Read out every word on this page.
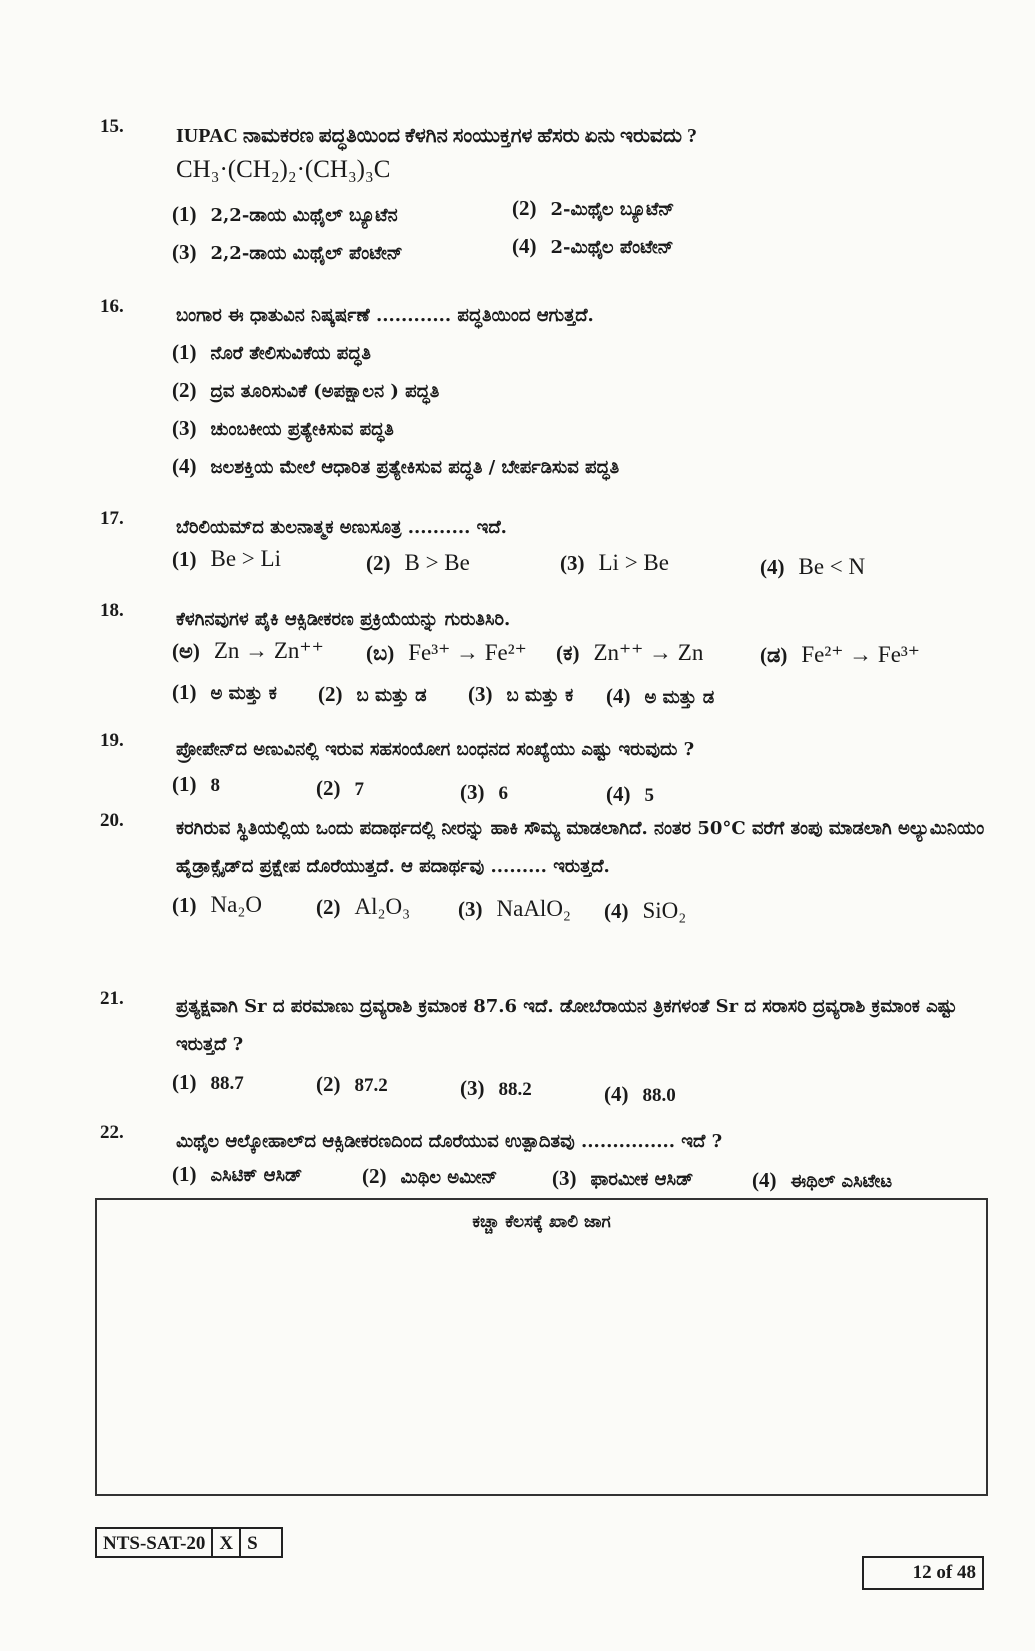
15.	IUPAC ನಾಮಕರಣ ಪದ್ಧತಿಯಿಂದ ಕೆಳಗಿನ ಸಂಯುಕ್ತಗಳ ಹೆಸರು ಏನು ಇರುವದು ?
CH₃·(CH₂)₂·(CH₃)₃C
(1) 2,2-ಡಾಯ ಮಿಥೈಲ್ ಬ್ಯೂಟೆನ	(2) 2-ಮಿಥೈಲ ಬ್ಯೂಟೆನ್
(3) 2,2-ಡಾಯ ಮಿಥೈಲ್ ಪೆಂಟೇನ್	(4) 2-ಮಿಥೈಲ ಪೆಂಟೇನ್
16.	ಬಂಗಾರ ಈ ಧಾತುವಿನ ನಿಷ್ಕರ್ಷಣೆ ............ ಪದ್ಧತಿಯಿಂದ ಆಗುತ್ತದೆ.
(1) ನೊರೆ ತೇಲಿಸುವಿಕೆಯ ಪದ್ಧತಿ
(2) ದ್ರವ ತೂರಿಸುವಿಕೆ (ಅಪಕ್ಷಾಲನ ) ಪದ್ಧತಿ
(3) ಚುಂಬಕೀಯ ಪ್ರತ್ಯೇಕಿಸುವ ಪದ್ಧತಿ
(4) ಜಲಶಕ್ತಿಯ ಮೇಲೆ ಆಧಾರಿತ ಪ್ರತ್ಯೇಕಿಸುವ ಪದ್ಧತಿ / ಬೇರ್ಪಡಿಸುವ ಪದ್ಧತಿ
17.	ಬೆರಿಲಿಯಮ್‌ದ ತುಲನಾತ್ಮಕ ಅಣುಸೂತ್ರ .......... ಇದೆ.
(1) Be > Li	(2) B > Be	(3) Li > Be	(4) Be < N
18.	ಕೆಳಗಿನವುಗಳ ಪೈಕಿ ಆಕ್ಸಿಡೀಕರಣ ಪ್ರಕ್ರಿಯೆಯನ್ನು ಗುರುತಿಸಿರಿ.
(ಅ) Zn → Zn⁺⁺ (ಬ) Fe³⁺ → Fe²⁺ (ಕ) Zn⁺⁺ → Zn	(ಡ) Fe²⁺ → Fe³⁺
(1) ಅ ಮತ್ತು ಕ (2) ಬ ಮತ್ತು ಡ (3) ಬ ಮತ್ತು ಕ (4) ಅ ಮತ್ತು ಡ
19.	ಪ್ರೋಪೇನ್‌ದ ಅಣುವಿನಲ್ಲಿ ಇರುವ ಸಹಸಂಯೋಗ ಬಂಧನದ ಸಂಖ್ಯೆಯು ಎಷ್ಟು ಇರುವುದು ?
(1) 8	(2) 7	(3) 6	(4) 5
20.	ಕರಗಿರುವ ಸ್ಥಿತಿಯಲ್ಲಿಯ ಒಂದು ಪದಾರ್ಥದಲ್ಲಿ ನೀರನ್ನು ಹಾಕಿ ಸೌಮ್ಯ ಮಾಡಲಾಗಿದೆ. ನಂತರ 50°C ವರೆಗೆ ತಂಪು ಮಾಡಲಾಗಿ ಅಲ್ಯುಮಿನಿಯಂ ಹೈಡ್ರಾಕ್ಸೈಡ್‌ದ ಪ್ರಕ್ಷೇಪ ದೊರೆಯುತ್ತದೆ. ಆ ಪದಾರ್ಥವು ......... ಇರುತ್ತದೆ.
(1) Na₂O	(2) Al₂O₃ (3) NaAlO₂ (4) SiO₂
21.	ಪ್ರತ್ಯಕ್ಷವಾಗಿ Sr ದ ಪರಮಾಣು ದ್ರವ್ಯರಾಶಿ ಕ್ರಮಾಂಕ 87.6 ಇದೆ. ಡೋಬೆರಾಯನ ತ್ರಿಕಗಳಂತೆ Sr ದ ಸರಾಸರಿ ದ್ರವ್ಯರಾಶಿ ಕ್ರಮಾಂಕ ಎಷ್ಟು ಇರುತ್ತದೆ ?
(1) 88.7	(2) 87.2	(3) 88.2	(4) 88.0
22.	ಮಿಥೈಲ ಆಲ್ಕೋಹಾಲ್‌ದ ಆಕ್ಸಿಡೀಕರಣದಿಂದ ದೊರೆಯುವ ಉತ್ಪಾದಿತವು ............... ಇದೆ ?
(1) ಎಸಿಟಿಕ್ ಆಸಿಡ್	(2) ಮಿಥಿಲ ಅಮೀನ್	(3) ಫಾರಮೀಕ ಆಸಿಡ್	(4) ಈಥಿಲ್ ಎಸಿಟೇಟ
ಕಚ್ಚಾ ಕೆಲಸಕ್ಕೆ ಖಾಲಿ ಜಾಗ
NTS-SAT-20 X S
12 of 48
